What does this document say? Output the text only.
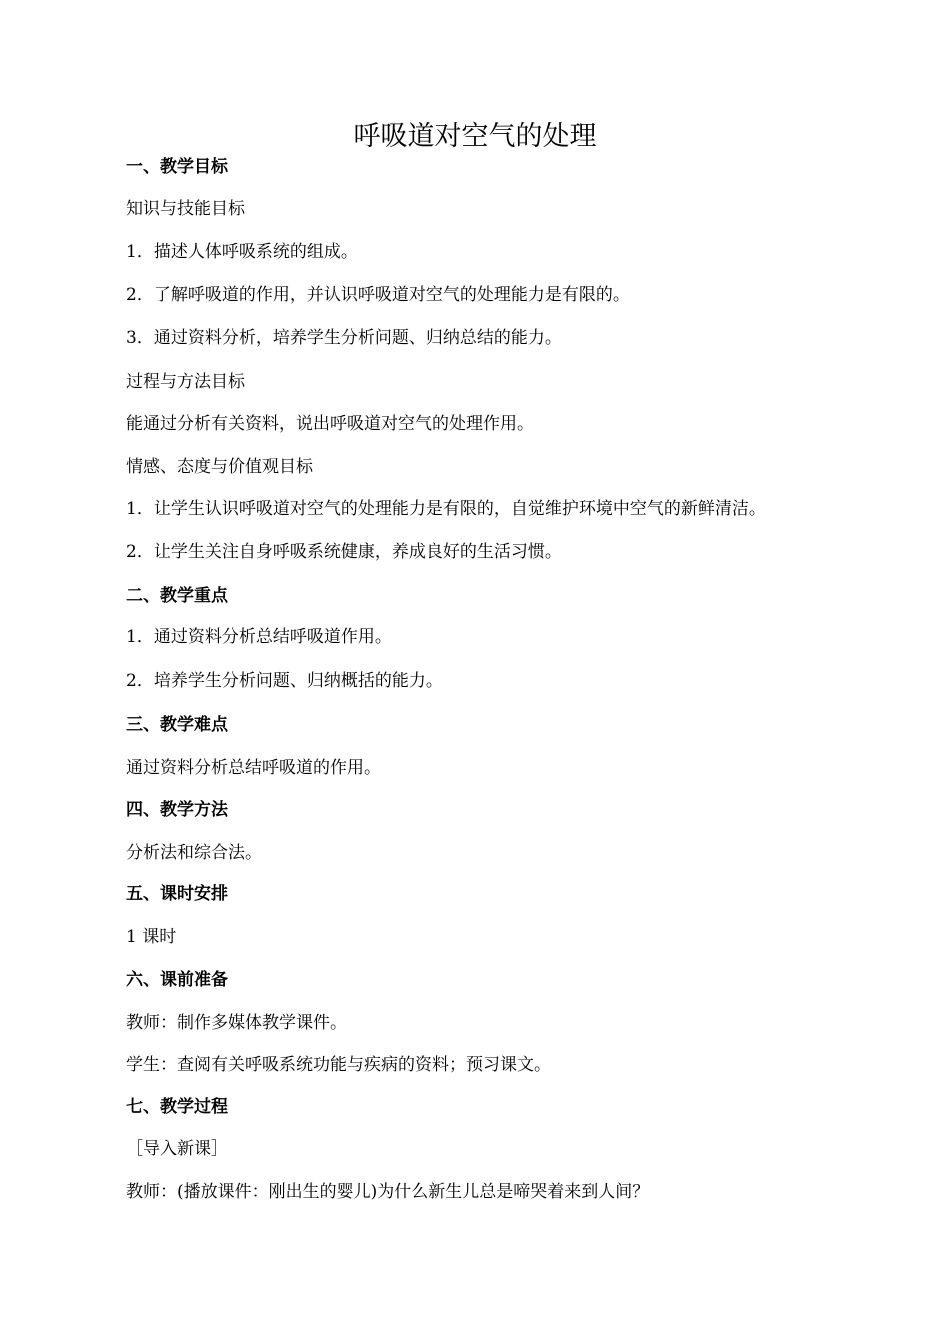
呼吸道对空气的处理
一、教学目标
知识与技能目标
1．描述人体呼吸系统的组成。
2．了解呼吸道的作用，并认识呼吸道对空气的处理能力是有限的。
3．通过资料分析，培养学生分析问题、归纳总结的能力。
过程与方法目标
能通过分析有关资料，说出呼吸道对空气的处理作用。
情感、态度与价值观目标
1．让学生认识呼吸道对空气的处理能力是有限的，自觉维护环境中空气的新鲜清洁。
2．让学生关注自身呼吸系统健康，养成良好的生活习惯。
二、教学重点
1．通过资料分析总结呼吸道作用。
2．培养学生分析问题、归纳概括的能力。
三、教学难点
通过资料分析总结呼吸道的作用。
四、教学方法
分析法和综合法。
五、课时安排
1 课时
六、课前准备
教师：制作多媒体教学课件。
学生：查阅有关呼吸系统功能与疾病的资料；预习课文。
七、教学过程
［导入新课］
教师：(播放课件：刚出生的婴儿)为什么新生儿总是啼哭着来到人间？
